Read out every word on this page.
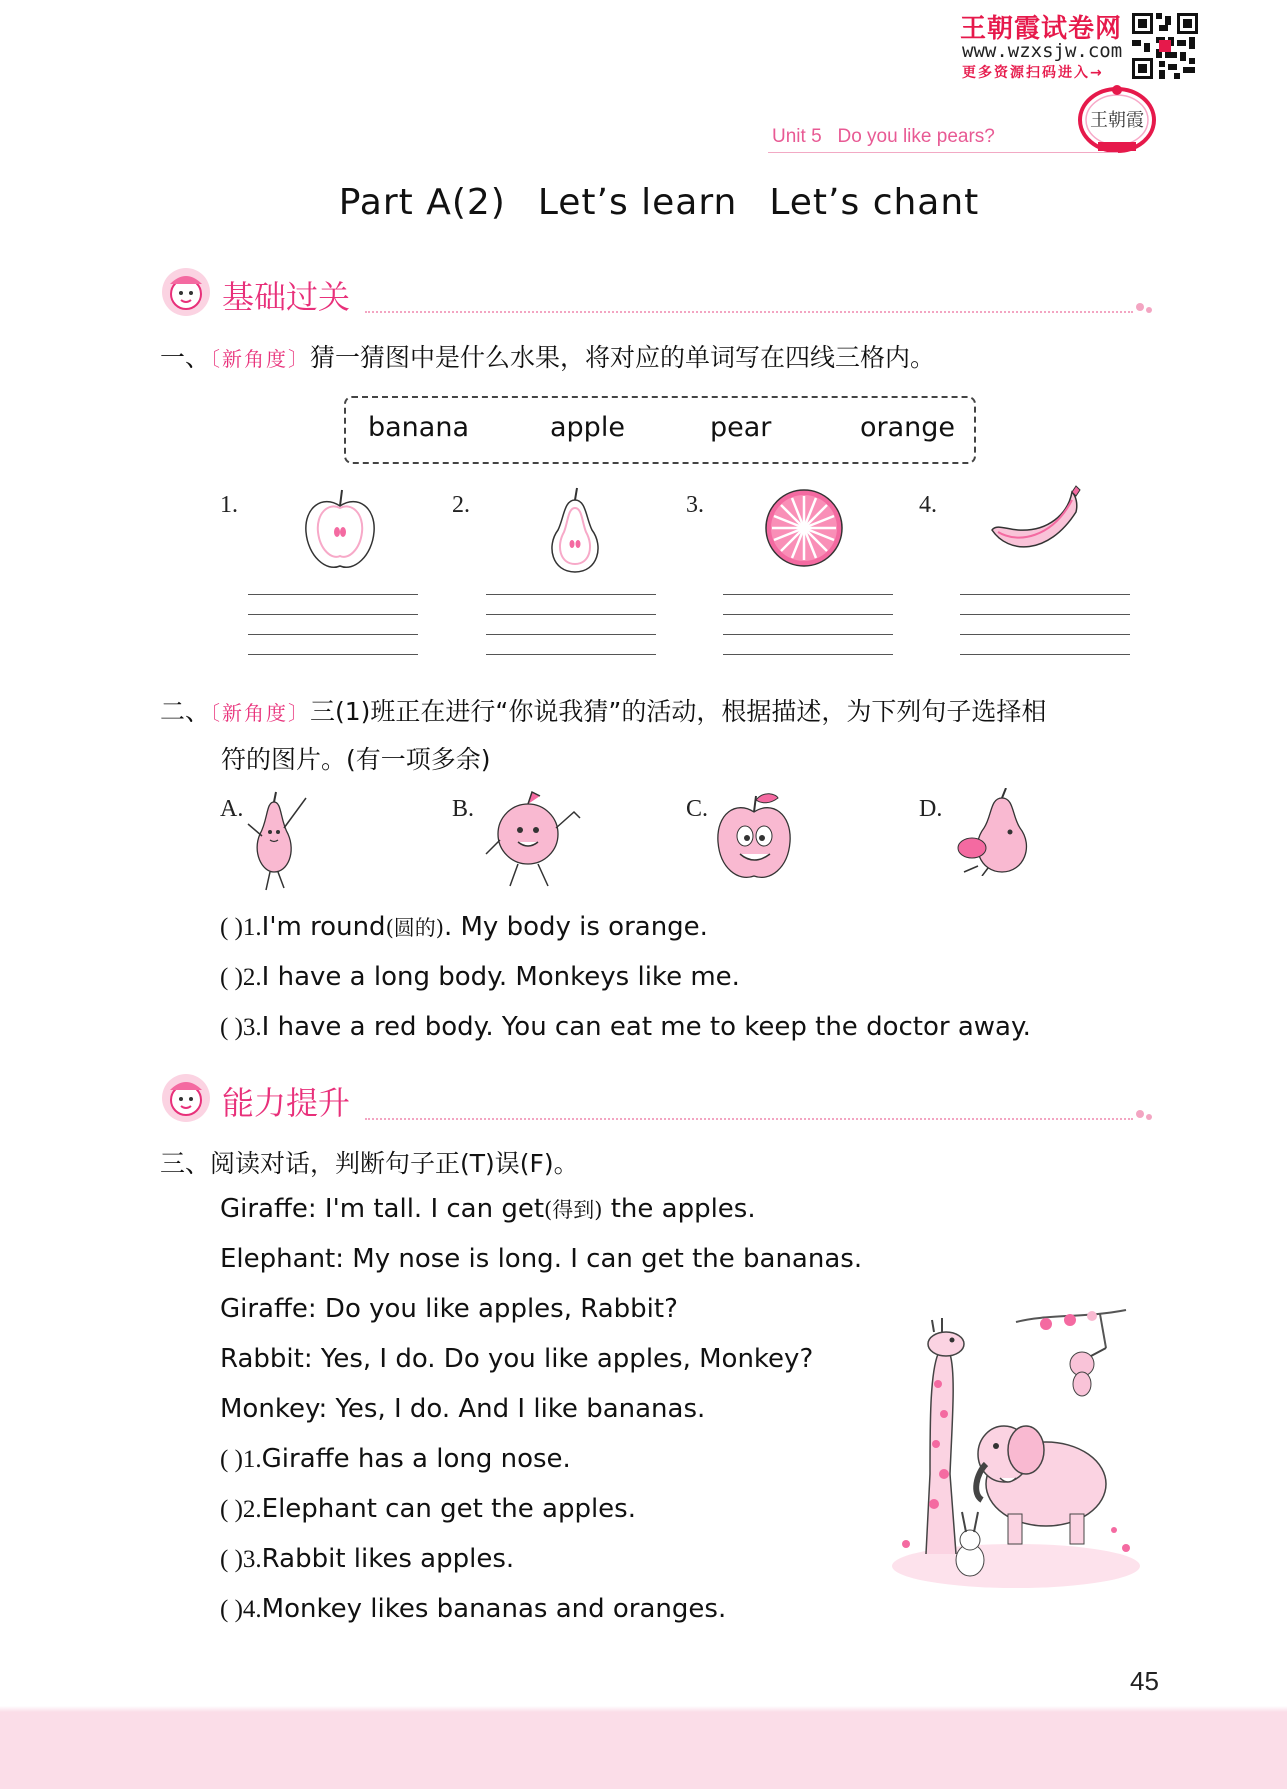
王朝霞试卷网
www.wzxsjw.com
更多资源扫码进入→
王朝霞
Unit 5 Do you like pears?
Part A(2) Let’s learn Let’s chant
基础过关
一、〔新角度〕猜一猜图中是什么水果，将对应的单词写在四线三格内。
banana	apple	pear	orange
1.	2.	3.	4.
二、〔新角度〕三(1)班正在进行“你说我猜”的活动，根据描述，为下列句子选择相
符的图片。(有一项多余)
A.	B.	C.	D.
( )1.I'm round(圆的). My body is orange.
( )2.I have a long body. Monkeys like me.
( )3.I have a red body. You can eat me to keep the doctor away.
能力提升
三、阅读对话，判断句子正(T)误(F)。
Giraffe: I'm tall. I can get(得到) the apples.
Elephant: My nose is long. I can get the bananas.
Giraffe: Do you like apples, Rabbit?
Rabbit: Yes, I do. Do you like apples, Monkey?
Monkey: Yes, I do. And I like bananas.
( )1.Giraffe has a long nose.
( )2.Elephant can get the apples.
( )3.Rabbit likes apples.
( )4.Monkey likes bananas and oranges.
45
